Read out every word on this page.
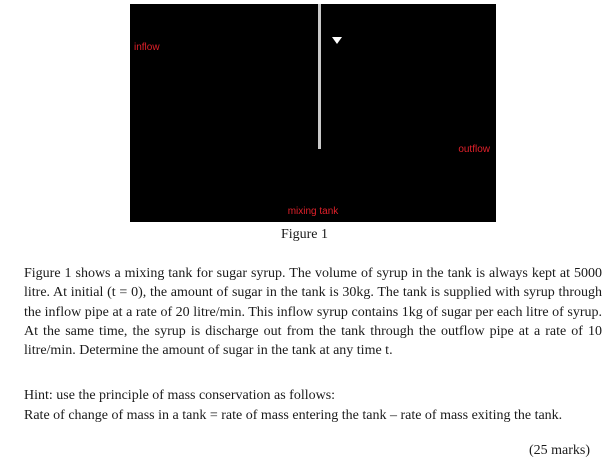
inflow
outflow
mixing tank
Figure 1

Figure 1 shows a mixing tank for sugar syrup. The volume of syrup in the tank is always kept at 5000 litre. At initial (t = 0), the amount of sugar in the tank is 30kg. The tank is supplied with syrup through the inflow pipe at a rate of 20 litre/min. This inflow syrup contains 1kg of sugar per each litre of syrup. At the same time, the syrup is discharge out from the tank through the outflow pipe at a rate of 10 litre/min. Determine the amount of sugar in the tank at any time t.

Hint: use the principle of mass conservation as follows:
Rate of change of mass in a tank = rate of mass entering the tank – rate of mass exiting the tank.
(25 marks)
